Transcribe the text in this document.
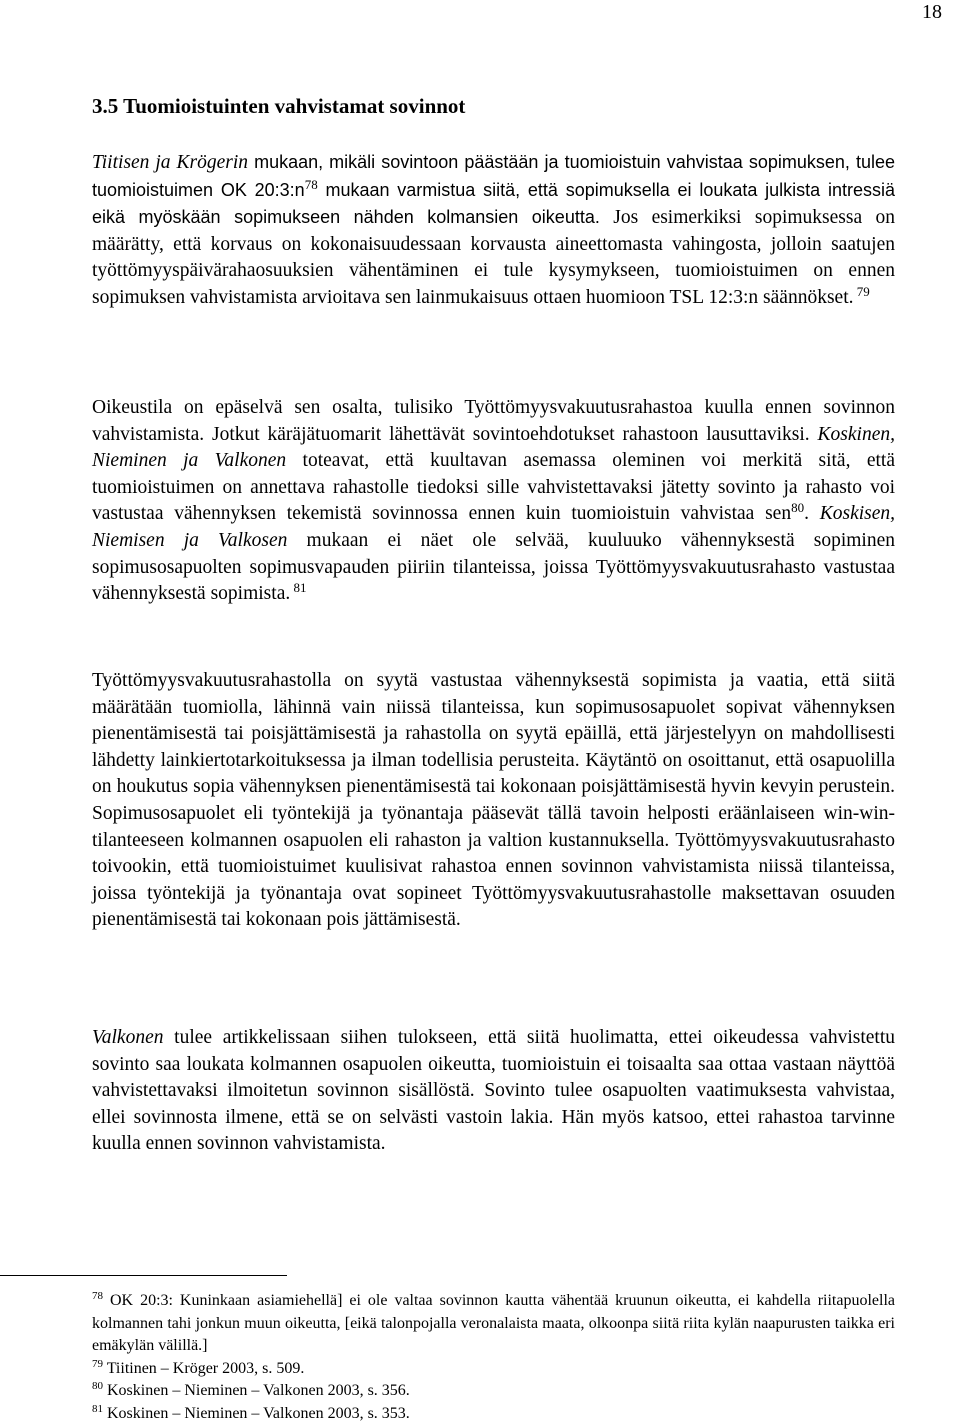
18
3.5 Tuomioistuinten vahvistamat sovinnot

Tiitisen ja Krögerin mukaan, mikäli sovintoon päästään ja tuomioistuin vahvistaa sopimuksen, tulee tuomioistuimen OK $20:3:n^{78}$ mukaan varmistua siitä, että sopimuksella ei loukata julkista intressiä eikä myöskään sopimukseen nähden kolmansien oikeutta. Jos esimerkiksi sopimuksessa on määrätty, että korvaus on kokonaisuudessaan korvausta aineettomasta vahingosta, jolloin saatujen työttömyyspäivärahaosuuksien vähentäminen ei tule kysymykseen, tuomioistuimen on ennen sopimuksen vahvistamista arvioitava sen lainmukaisuus ottaen huomioon TSL 12:3:n säännökset. $^{79}$

Oikeustila on epäselvä sen osalta, tulisiko Työttömyysvakuutusrahastoa kuulla ennen sovinnon vahvistamista. Jotkut käräjätuomarit lähettävät sovintoehdotukset rahastoon lausuttaviksi. Koskinen, Nieminen ja Valkonen toteavat, että kuultavan asemassa oleminen voi merkitä sitä, että tuomioistuimen on annettava rahastolle tiedoksi sille vahvistettavaksi jätetty sovinto ja rahasto voi vastustaa vähennyksen tekemistä sovinnossa ennen kuin tuomioistuin vahvistaa sen$^{80}$. Koskisen, Niemisen ja Valkosen mukaan ei näet ole selvää, kuuluuko vähennyksestä sopiminen sopimusosapuolten sopimusvapauden piiriin tilanteissa, joissa Työttömyysvakuutusrahasto vastustaa vähennyksestä sopimista. $^{81}$

Työttömyysvakuutusrahastolla on syytä vastustaa vähennyksestä sopimista ja vaatia, että siitä määrätään tuomiolla, lähinnä vain niissä tilanteissa, kun sopimusosapuolet sopivat vähennyksen pienentämisestä tai poisjättämisestä ja rahastolla on syytä epäillä, että järjestelyyn on mahdollisesti lähdetty lainkiertotarkoituksessa ja ilman todellisia perusteita. Käytäntö on osoittanut, että osapuolilla on houkutus sopia vähennyksen pienentämisestä tai kokonaan poisjättämisestä hyvin kevyin perustein. Sopimusosapuolet eli työntekijä ja työnantaja pääsevät tällä tavoin helposti eräänlaiseen win-win-tilanteeseen kolmannen osapuolen eli rahaston ja valtion kustannuksella. Työttömyysvakuutusrahasto toivookin, että tuomioistuimet kuulisivat rahastoa ennen sovinnon vahvistamista niissä tilanteissa, joissa työntekijä ja työnantaja ovat sopineet Työttömyysvakuutusrahastolle maksettavan osuuden pienentämisestä tai kokonaan pois jättämisestä.

Valkonen tulee artikkelissaan siihen tulokseen, että siitä huolimatta, ettei oikeudessa vahvistettu sovinto saa loukata kolmannen osapuolen oikeutta, tuomioistuin ei toisaalta saa ottaa vastaan näyttöä vahvistettavaksi ilmoitetun sovinnon sisällöstä. Sovinto tulee osapuolten vaatimuksesta vahvistaa, ellei sovinnosta ilmene, että se on selvästi vastoin lakia. Hän myös katsoo, ettei rahastoa tarvinne kuulla ennen sovinnon vahvistamista.

$^{78}$ OK 20:3: Kuninkaan asiamiehellä] ei ole valtaa sovinnon kautta vähentää kruunun oikeutta, ei kahdella riitapuolella kolmannen tahi jonkun muun oikeutta, [eikä talonpojalla veronalaista maata, olkoonpa siitä riita kylän naapurusten taikka eri emäkylän välillä.]

$^{79}$ Tiitinen – Kröger 2003, s. 509.

$^{80}$ Koskinen – Nieminen – Valkonen 2003, s. 356.

$^{81}$ Koskinen – Nieminen – Valkonen 2003, s. 353.
